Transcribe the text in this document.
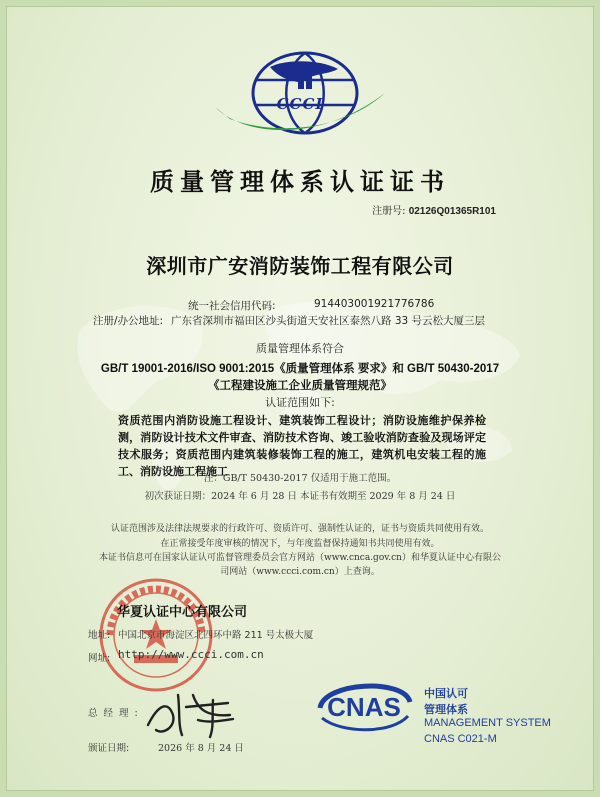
CCCI
质量管理体系认证证书
注册号: 02126Q01365R101
深圳市广安消防装饰工程有限公司
统一社会信用代码:	914403001921776786
注册/办公地址: 广东省深圳市福田区沙头街道天安社区泰然八路 33 号云松大厦三层
质量管理体系符合
GB/T 19001-2016/ISO 9001:2015《质量管理体系 要求》和 GB/T 50430-2017
《工程建设施工企业质量管理规范》
认证范围如下:
资质范围内消防设施工程设计、建筑装饰工程设计；消防设施维护保养检测，消防设计技术文件审查、消防技术咨询、竣工验收消防查验及现场评定技术服务；资质范围内建筑装修装饰工程的施工，建筑机电安装工程的施工、消防设施工程施工
注：GB/T 50430-2017 仅适用于施工范围。
初次获证日期：2024 年 6 月 28 日 本证书有效期至 2029 年 8 月 24 日
认证范围涉及法律法规要求的行政许可、资质许可、强制性认证的，证书与资质共同使用有效。
在正常接受年度审核的情况下，与年度监督保持通知书共同使用有效。
本证书信息可在国家认证认可监督管理委员会官方网站（www.cnca.gov.cn）和华夏认证中心有限公
司网站（www.ccci.com.cn）上查询。
华夏认证中心有限公司
地址: 中国北京市海淀区北四环中路 211 号太极大厦
网址: http://www.ccci.com.cn
总经理:
颁证日期:	2026 年 8 月 24 日
CNAS 中国认可
管理体系
MANAGEMENT SYSTEM
CNAS C021-M
